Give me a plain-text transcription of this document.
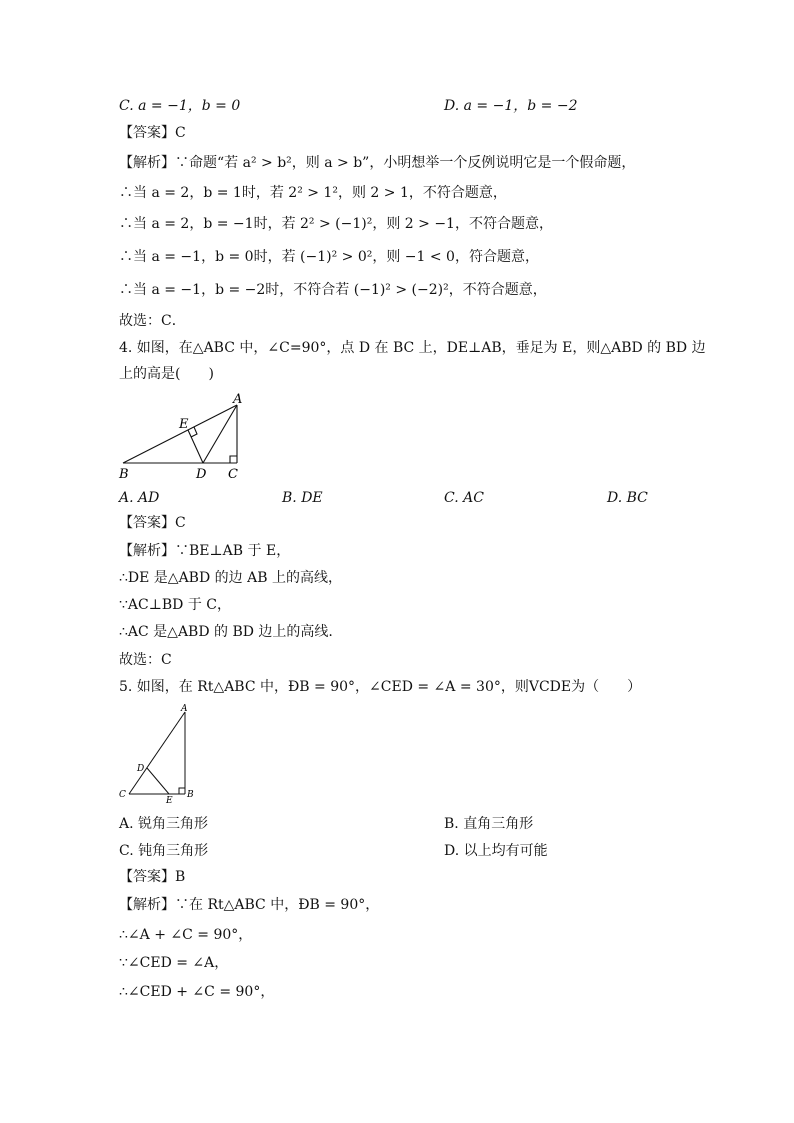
C. a = −1，b = 0	D. a = −1，b = −2
【答案】C
【解析】∵命题“若 a² > b²，则 a > b”，小明想举一个反例说明它是一个假命题，
∴当 a = 2，b = 1时，若 2² > 1²，则 2 > 1，不符合题意，
∴当 a = 2，b = −1时，若 2² > (−1)²，则 2 > −1，不符合题意，
∴当 a = −1，b = 0时，若 (−1)² > 0²，则 −1 < 0，符合题意，
∴当 a = −1，b = −2时，不符合若 (−1)² > (−2)²，不符合题意，
故选：C．
4. 如图，在△ABC 中，∠C=90°，点 D 在 BC 上，DE⊥AB，垂足为 E，则△ABD 的 BD 边
上的高是(　　)
A
E
B	D C
A. AD	B. DE	C. AC	D. BC
【答案】C
【解析】∵BE⊥AB 于 E，
∴DE 是△ABD 的边 AB 上的高线，
∵AC⊥BD 于 C，
∴AC 是△ABD 的 BD 边上的高线.
故选：C
5. 如图，在 Rt△ABC 中，ÐB = 90°，∠CED = ∠A = 30°，则VCDE为（　　）
A
D
C
E
B
A. 锐角三角形	B. 直角三角形
C. 钝角三角形	D. 以上均有可能
【答案】B
【解析】∵在 Rt△ABC 中，ÐB = 90°，
∴∠A + ∠C = 90°，
∵∠CED = ∠A，
∴∠CED + ∠C = 90°，
